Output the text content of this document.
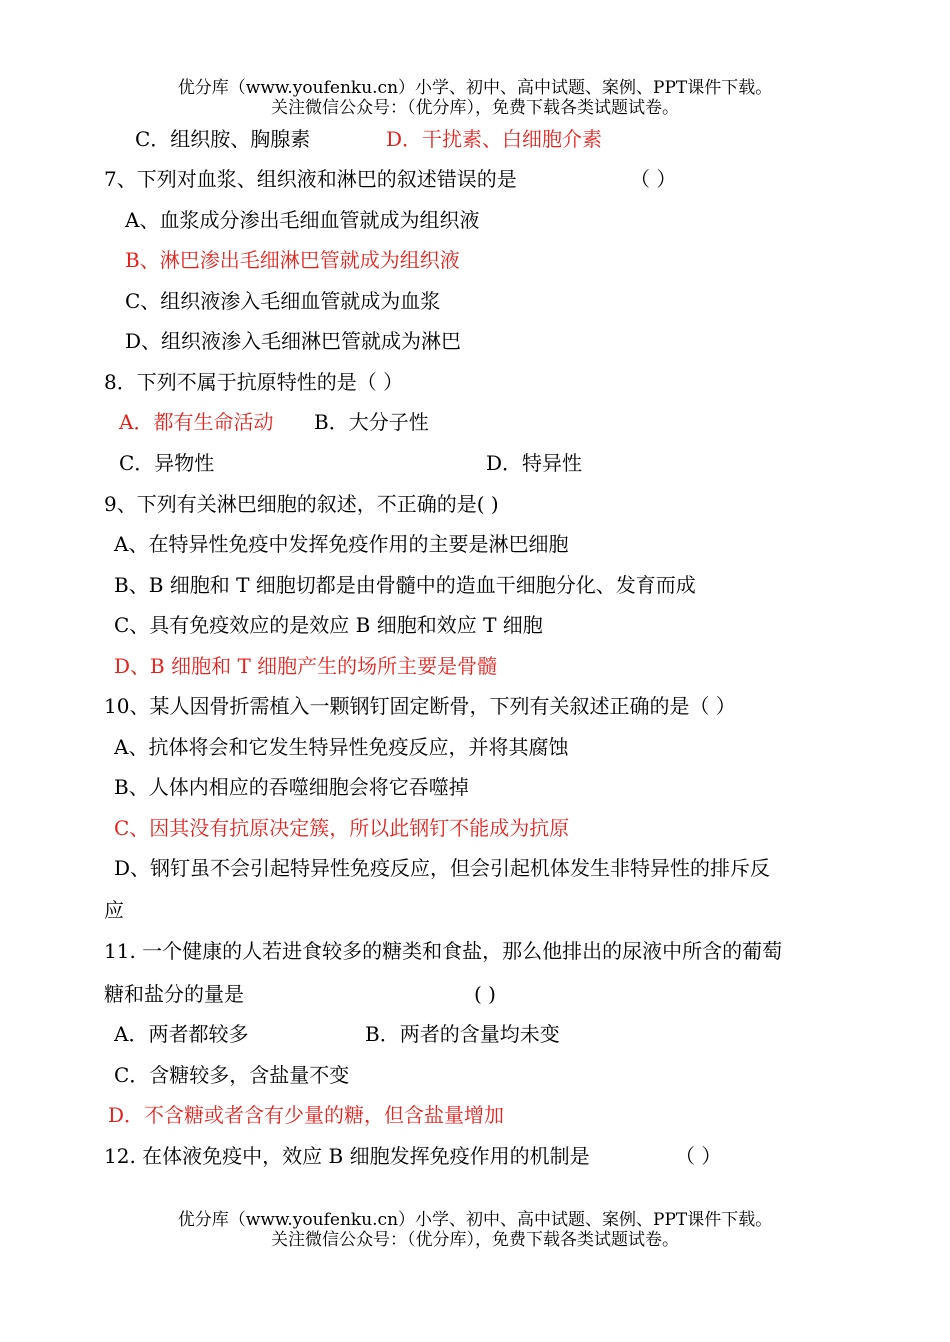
优分库（www.youfenku.cn）小学、初中、高中试题、案例、PPT课件下载。
关注微信公众号：（优分库），免费下载各类试题试卷。
C．组织胺、胸腺素	D．干扰素、白细胞介素
7、下列对血浆、组织液和淋巴的叙述错误的是	（ ）
A、血浆成分渗出毛细血管就成为组织液
B、淋巴渗出毛细淋巴管就成为组织液
C、组织液渗入毛细血管就成为血浆
D、组织液渗入毛细淋巴管就成为淋巴
8．下列不属于抗原特性的是（ ）
A．都有生命活动 B．大分子性
C．异物性	D．特异性
9、下列有关淋巴细胞的叙述，不正确的是( )
A、在特异性免疫中发挥免疫作用的主要是淋巴细胞
B、B 细胞和 T 细胞切都是由骨髓中的造血干细胞分化、发育而成
C、具有免疫效应的是效应 B 细胞和效应 T 细胞
D、B 细胞和 T 细胞产生的场所主要是骨髓
10、某人因骨折需植入一颗钢钉固定断骨，下列有关叙述正确的是（ ）
A、抗体将会和它发生特异性免疫反应，并将其腐蚀
B、人体内相应的吞噬细胞会将它吞噬掉
C、因其没有抗原决定簇，所以此钢钉不能成为抗原
D、钢钉虽不会引起特异性免疫反应，但会引起机体发生非特异性的排斥反
应
11. 一个健康的人若进食较多的糖类和食盐，那么他排出的尿液中所含的葡萄
糖和盐分的量是	( )
A．两者都较多	B．两者的含量均未变
C．含糖较多，含盐量不变
D．不含糖或者含有少量的糖，但含盐量增加
12. 在体液免疫中，效应 B 细胞发挥免疫作用的机制是	（ ）
优分库（www.youfenku.cn）小学、初中、高中试题、案例、PPT课件下载。
关注微信公众号：（优分库），免费下载各类试题试卷。
